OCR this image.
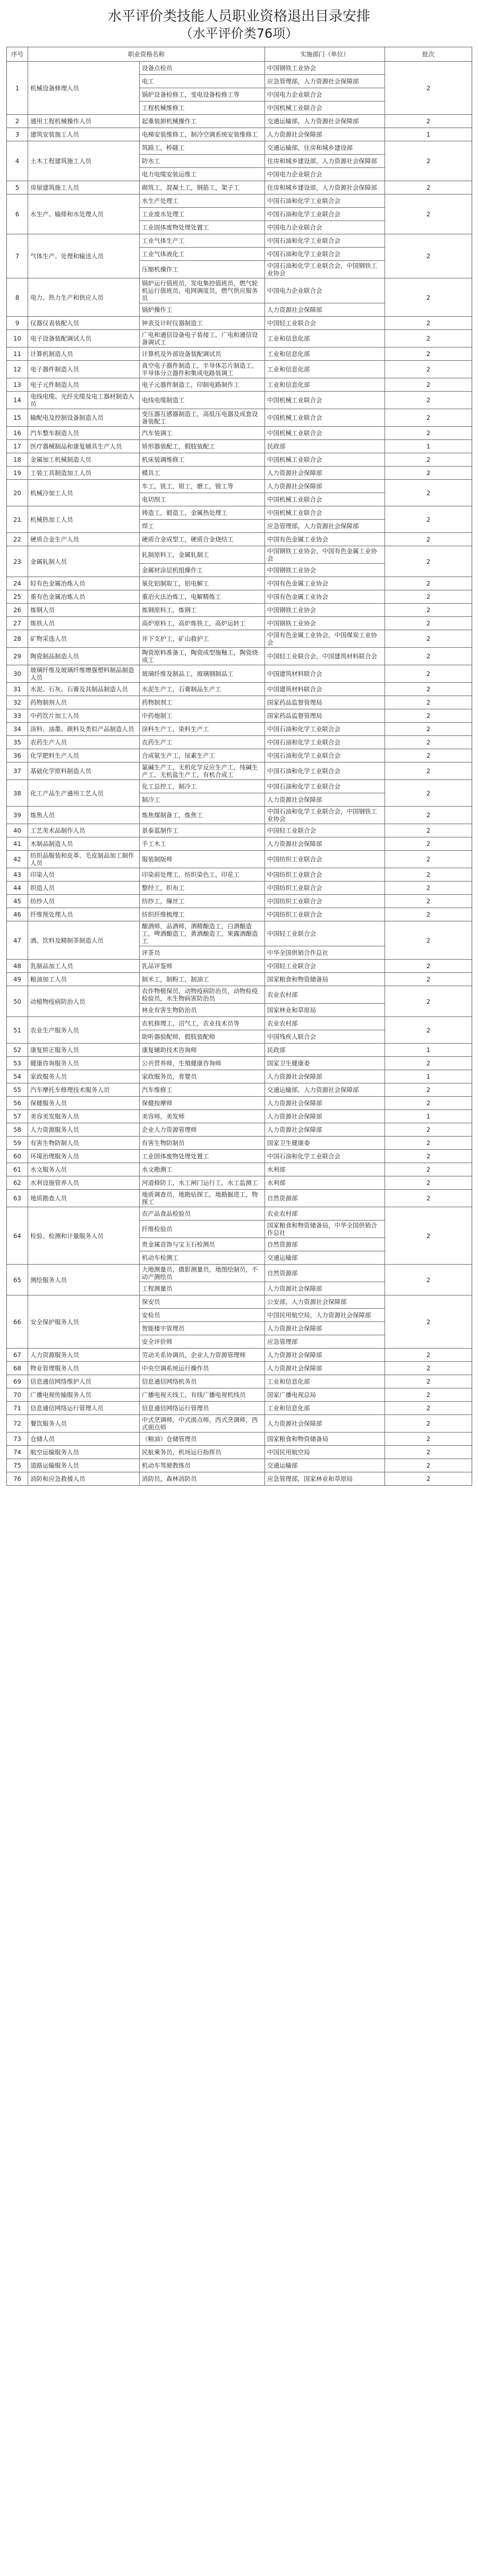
水平评价类技能人员职业资格退出目录安排
（水平评价类76项）
序号	职业资格名称		实施部门（单位）	批次
1	机械设备修理人员	设备点检员	中国钢铁工业协会	2
		电工	应急管理部，人力资源社会保障部	
		锅炉设备检修工，变电设备检修工等	中国电力企业联合会	
		工程机械维修工	中国机械工业联合会	
2	通用工程机械操作人员	起重装卸机械操作工	交通运输部，人力资源社会保障部	2
3	建筑安装施工人员	电梯安装维修工，制冷空调系统安装维修工	人力资源社会保障部	1
4	土木工程建筑施工人员	筑路工，桥隧工	交通运输部，住房和城乡建设部	2
		防水工	住房和城乡建设部，人力资源社会保障部	
		电力电缆安装运维工	中国电力企业联合会	
5	房屋建筑施工人员	砌筑工，混凝土工，钢筋工，架子工	住房和城乡建设部，人力资源社会保障部	2
6	水生产、输排和水处理人员	水生产处理工	中国石油和化学工业联合会	2
		工业废水处理工	中国石油和化学工业联合会	
		工业固体废物处理处置工	中国电力企业联合会	
7	气体生产、处理和输送人员	工业气体生产工	中国石油和化学工业联合会	2
		工业气体液化工	中国石油和化学工业联合会	
		压缩机操作工	中国石油和化学工业联合会，中国钢铁工业协会	
8	电力、热力生产和供应人员	锅炉运行值班员，发电集控值班员，燃气轮机运行值班员，电网调度员，燃气供应服务员	中国电力企业联合会	2
		锅炉操作工	人力资源社会保障部	
9	仪器仪表装配人员	钟表及计时仪器制造工	中国轻工业联合会	2
10	电子设备装配调试人员	广电和通信设备电子装接工，广电和通信设备调试工	工业和信息化部	2
11	计算机制造人员	计算机及外部设备装配调试员	工业和信息化部	2
12	电子器件制造人员	真空电子器件制造工，半导体芯片制造工，半导体分立器件和集成电路装调工	工业和信息化部	2
13	电子元件制造人员	电子元器件制造工，印制电路制作工	工业和信息化部	2
14	电线电缆、光纤光缆及电工器材制造人员	电线电缆制造工	中国机械工业联合会	2
15	输配电及控制设备制造人员	变压器互感器制造工，高低压电器及成套设备装配工	中国机械工业联合会	2
16	汽车整车制造人员	汽车装调工	中国机械工业联合会	2
17	医疗器械制品和康复辅具生产人员	矫形器装配工，假肢装配工	民政部	1
18	金属加工机械制造人员	机床装调维修工	中国机械工业联合会	2
19	工装工具制造加工人员	模具工	人力资源社会保障部	2
20	机械冷加工人员	车工，铣工，钳工，磨工，镗工等	人力资源社会保障部	2
		电切削工	中国机械工业联合会	
21	机械热加工人员	铸造工，锻造工，金属热处理工	中国机械工业联合会	2
		焊工	应急管理部，人力资源社会保障部	
22	硬质合金生产人员	硬质合金成型工，硬质合金烧结工	中国有色金属工业协会	2
23	金属轧制人员	轧制原料工，金属轧制工	中国钢铁工业协会，中国有色金属工业协会	2
		金属材涂层机组操作工	中国钢铁工业协会	
24	轻有色金属冶炼人员	氧化铝制取工，铝电解工	中国有色金属工业协会	2
25	重有色金属冶炼人员	重冶火法冶炼工，电解精炼工	中国有色金属工业协会	2
26	炼钢人员	炼钢原料工，炼钢工	中国钢铁工业协会	2
27	炼铁人员	高炉原料工，高炉炼铁工，高炉运转工	中国钢铁工业协会	2
28	矿物采选人员	井下支护工，矿山救护工	中国有色金属工业协会，中国煤炭工业协会	2
29	陶瓷制品制造人员	陶瓷原料准备工，陶瓷成型施釉工，陶瓷烧成工	中国轻工业联合会，中国建筑材料联合会	2
30	玻璃纤维及玻璃纤维增强塑料制品制造人员	玻璃纤维及制品工，玻璃钢制品工	中国建筑材料联合会	2
31	水泥、石灰、石膏及其制品制造人员	水泥生产工，石膏制品生产工	中国建筑材料联合会	2
32	药物制剂人员	药物制剂工	国家药品监督管理局	2
33	中药饮片加工人员	中药炮制工	国家药品监督管理局	2
34	涂料、油墨、颜料及类似产品制造人员	涂料生产工，染料生产工	中国石油和化学工业联合会	2
35	农药生产人员	农药生产工	中国石油和化学工业联合会	2
36	化学肥料生产人员	合成氨生产工，尿素生产工	中国石油和化学工业联合会	2
37	基础化学原料制造人员	氯碱生产工，无机化学反应生产工，纯碱生产工，无机盐生产工，有机合成工	中国石油和化学工业联合会	2
38	化工产品生产通用工艺人员	化工总控工，制冷工	中国石油和化学工业联合会	2
		制冷工	人力资源社会保障部	
39	炼焦人员	炼焦煤制备工，炼焦工	中国石油和化学工业联合会，中国钢铁工业协会	2
40	工艺美术品制作人员	景泰蓝制作工	中国轻工业联合会	2
41	木制品制造人员	手工木工	人力资源社会保障部	2
42	纺织品服装和皮革、毛皮制品加工制作人员	服装制版师	中国纺织工业联合会	2
43	印染人员	印染前处理工，纺织染色工，印花工	中国纺织工业联合会	2
44	织造人员	整经工，织布工	中国纺织工业联合会	2
45	纺纱人员	纺纱工，缫丝工	中国纺织工业联合会	2
46	纤维预处理人员	纺织纤维梳理工	中国纺织工业联合会	2
47	酒、饮料及精制茶制造人员	酿酒师，品酒师，酒精酿造工，白酒酿造工，啤酒酿造工，黄酒酿造工，果露酒酿造工	中国轻工业联合会	2
		评茶员	中华全国供销合作总社	
48	乳制品加工人员	乳品评鉴师	中国轻工业联合会	2
49	粮油加工人员	制米工，制粉工，制油工	国家粮食和物资储备局	2
50	动植物疫病防治人员	农作物植保员，动物疫病防治员，动物检疫检验员，水生物病害防治员	农业农村部	2
		林业有害生物防治员	国家林业和草原局	
51	农业生产服务人员	农机修理工，沼气工，农业技术员等	农业农村部	2
		助听器验配师，假肢装配师	中国残疾人联合会	
52	康复矫正服务人员	康复辅助技术咨询师	民政部	1
53	健康咨询服务人员	公共营养师，生殖健康咨询师	国家卫生健康委	2
54	家政服务人员	家政服务员，育婴员	人力资源社会保障部	1
55	汽车摩托车修理技术服务人员	汽车维修工	交通运输部，人力资源社会保障部	2
56	保健服务人员	保健按摩师	人力资源社会保障部	2
57	美容美发服务人员	美容师，美发师	人力资源社会保障部	1
58	人力资源服务人员	企业人力资源管理师	人力资源社会保障部	2
59	有害生物防制人员	有害生物防制员	国家卫生健康委	2
60	环境治理服务人员	工业固体废物处理处置工	中国石油和化学工业联合会	2
61	水文服务人员	水文勘测工	水利部	2
62	水利设施管养人员	河道修防工，水工闸门运行工，水工监测工	水利部	2
63	地质勘查人员	地质调查员，地勘钻探工，地勘掘进工，物探工	自然资源部	2
64	检验、检测和计量服务人员	农产品食品检验员	农业农村部	2
		纤维检验员	国家粮食和物资储备局，中华全国供销合作总社	
		贵金属首饰与宝玉石检测员	自然资源部	
		机动车检测工	交通运输部	
65	测绘服务人员	大地测量员，摄影测量员，地图绘制员，不动产测绘员	自然资源部	2
		工程测量员	人力资源社会保障部	
66	安全保护服务人员	保安员	公安部，人力资源社会保障部	2
		安检员	中国民用航空局，人力资源社会保障部	
		智能楼宇管理员	人力资源社会保障部	
		安全评价师	应急管理部	
67	人力资源服务人员	劳动关系协调员，企业人力资源管理师	人力资源社会保障部	2
68	物业管理服务人员	中央空调系统运行操作员	人力资源社会保障部	2
69	信息通信网络维护人员	信息通信网络机务员	工业和信息化部	2
70	广播电视传输服务人员	广播电视天线工，有线广播电视机线员	国家广播电视总局	2
71	信息通信网络运行管理人员	信息通信网络运行管理员	工业和信息化部	2
72	餐饮服务人员	中式烹调师，中式面点师，西式烹调师，西式面点师	人力资源社会保障部	2
73	仓储人员	（粮油）仓储管理员	国家粮食和物资储备局	2
74	航空运输服务人员	民航乘务员，机场运行指挥员	中国民用航空局	2
75	道路运输服务人员	机动车驾驶教练员	交通运输部	2
76	消防和应急救援人员	消防员，森林消防员	应急管理部，国家林业和草原局	2
